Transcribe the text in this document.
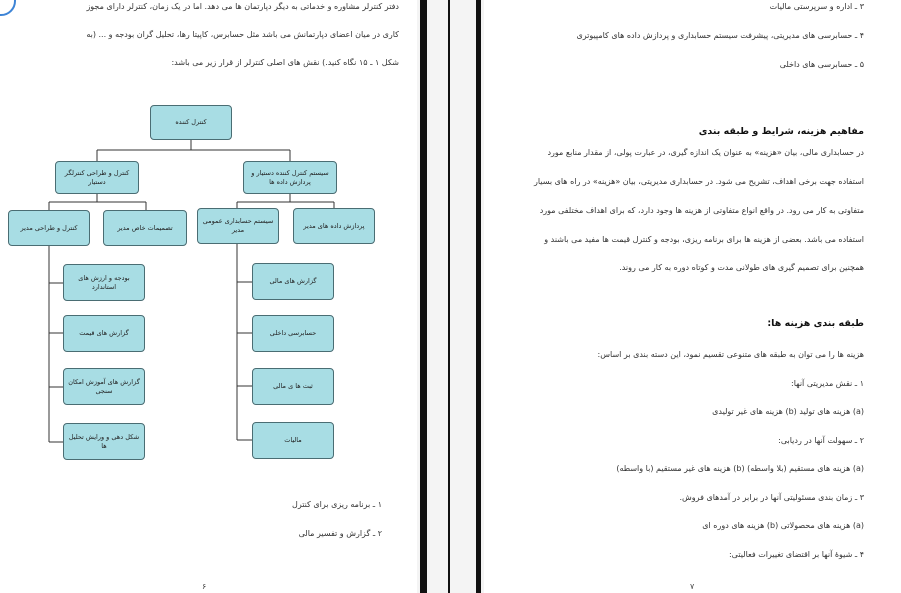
دفتر کنترلر مشاوره و خدماتی به دیگر دپارتمان ها می دهد. اما در یک زمان، کنترلر دارای مجوز
کاری در میان اعضای دپارتمانش می باشد مثل حسابرس، کاپیتا رها، تحلیل گران بودجه و ... (به
شکل ۱ ـ ۱۵ نگاه کنید.) نقش های اصلی کنترلر از قرار زیر می باشد:
کنترل کننده
کنترل و طراحی کنترلگر دستیار
سیستم کنترل کننده دستیار و پردازش داده ها
کنترل و طراحی مدیر	تصمیمات خاص مدیر
سیستم حسابداری عمومی مدیر
پردازش داده های مدیر
بودجه و ارزش های استاندارد
گزارش های قیمت
گزارش های آموزش امکان سنجی
شکل دهی و ورایش تحلیل ها
گزارش های مالی
حسابرسی داخلی
ثبت ها ی مالی
مالیات
۱ ـ برنامه ریزی برای کنترل
۲ ـ گزارش و تفسیر مالی
۶
۳ ـ اداره و سرپرستی مالیات
۴ ـ حسابرسی های مدیریتی، پیشرفت سیستم حسابداری و پردازش داده های کامپیوتری
۵ ـ حسابرسی های داخلی
مفاهیم هزینه، شرایط و طبقه بندی
در حسابداری مالی، بیان «هزینه» به عنوان یک اندازه گیری، در عبارت پولی، از مقدار منابع مورد
استفاده جهت برخی اهداف، تشریح می شود. در حسابداری مدیریتی، بیان «هزینه» در راه های بسیار
متفاوتی به کار می رود. در واقع انواع متفاوتی از هزینه ها وجود دارد، که برای اهداف مختلفی مورد
استفاده می باشد. بعضی از هزینه ها برای برنامه ریزی، بودجه و کنترل قیمت ها مفید می باشند و
همچنین برای تصمیم گیری های طولانی مدت و کوتاه دوره به کار می روند.
طبقه بندی هزینه ها:
هزینه ها را می توان به طبقه های متنوعی تقسیم نمود، این دسته بندی بر اساس:
۱ ـ نقش مدیریتی آنها:
(a) هزینه های تولید (b) هزینه های غیر تولیدی
۲ ـ سهولت آنها در ردیابی:
(a) هزینه های مستقیم (بلا واسطه) (b) هزینه های غیر مستقیم (با واسطه)
۳ ـ زمان بندی مسئولیتی آنها در برابر در آمدهای فروش.
(a) هزینه های محصولاتی (b) هزینه های دوره ای
۴ ـ شیوهٔ آنها بر اقتضای تغییرات فعالیتی:
۷
